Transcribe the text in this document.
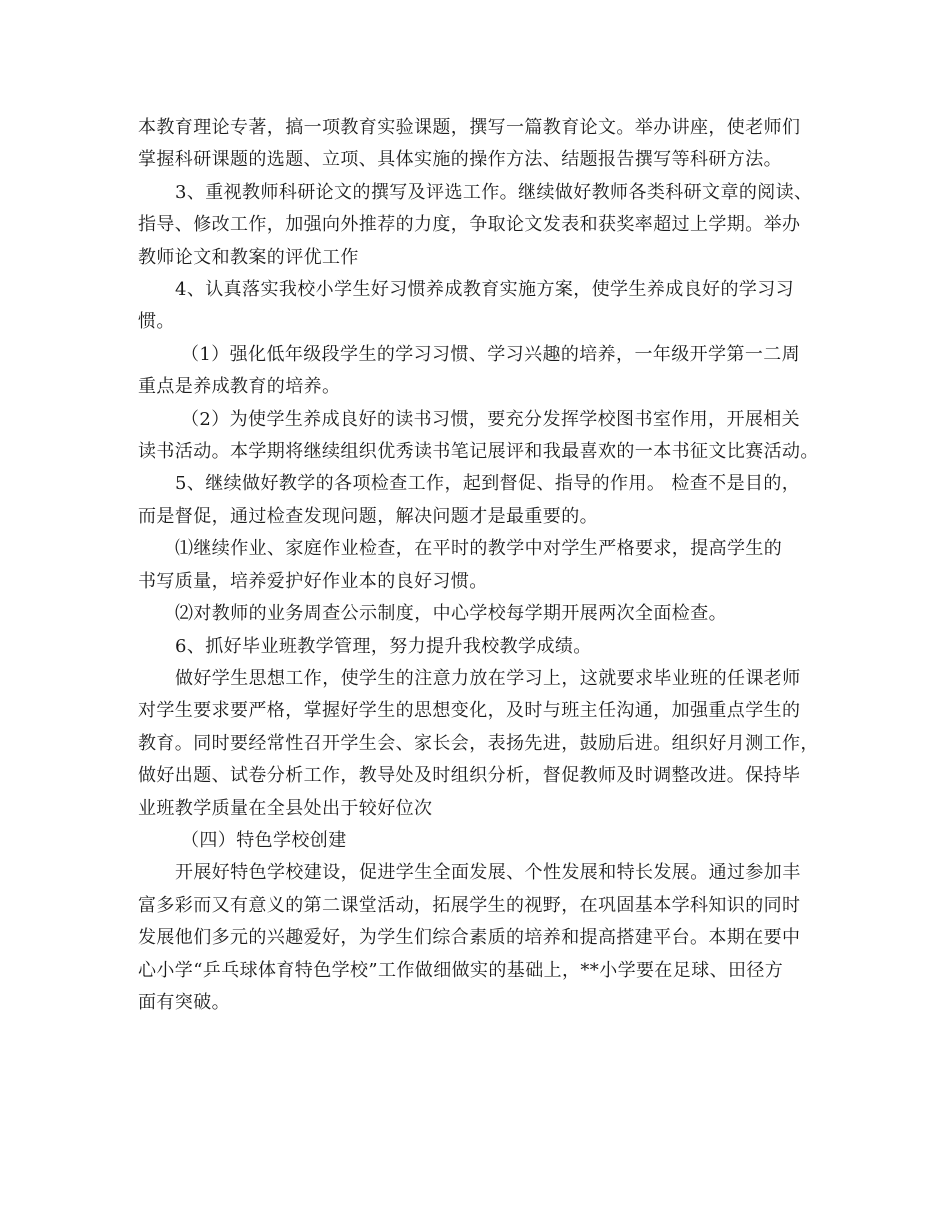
本教育理论专著，搞一项教育实验课题，撰写一篇教育论文。举办讲座，使老师们
掌握科研课题的选题、立项、具体实施的操作方法、结题报告撰写等科研方法。
3、重视教师科研论文的撰写及评选工作。继续做好教师各类科研文章的阅读、
指导、修改工作，加强向外推荐的力度，争取论文发表和获奖率超过上学期。举办
教师论文和教案的评优工作
4、认真落实我校小学生好习惯养成教育实施方案，使学生养成良好的学习习
惯。
（1）强化低年级段学生的学习习惯、学习兴趣的培养，一年级开学第一二周
重点是养成教育的培养。
（2）为使学生养成良好的读书习惯，要充分发挥学校图书室作用，开展相关
读书活动。本学期将继续组织优秀读书笔记展评和我最喜欢的一本书征文比赛活动。
5、继续做好教学的各项检查工作，起到督促、指导的作用。 检查不是目的，
而是督促，通过检查发现问题，解决问题才是最重要的。
⑴继续作业、家庭作业检查，在平时的教学中对学生严格要求，提高学生的
书写质量，培养爱护好作业本的良好习惯。
⑵对教师的业务周查公示制度，中心学校每学期开展两次全面检查。
6、抓好毕业班教学管理，努力提升我校教学成绩。
做好学生思想工作，使学生的注意力放在学习上，这就要求毕业班的任课老师
对学生要求要严格，掌握好学生的思想变化，及时与班主任沟通，加强重点学生的
教育。同时要经常性召开学生会、家长会，表扬先进，鼓励后进。组织好月测工作，
做好出题、试卷分析工作，教导处及时组织分析，督促教师及时调整改进。保持毕
业班教学质量在全县处出于较好位次
（四）特色学校创建
开展好特色学校建设，促进学生全面发展、个性发展和特长发展。通过参加丰
富多彩而又有意义的第二课堂活动，拓展学生的视野，在巩固基本学科知识的同时
发展他们多元的兴趣爱好，为学生们综合素质的培养和提高搭建平台。本期在要中
心小学“乒乓球体育特色学校”工作做细做实的基础上，**小学要在足球、田径方
面有突破。
